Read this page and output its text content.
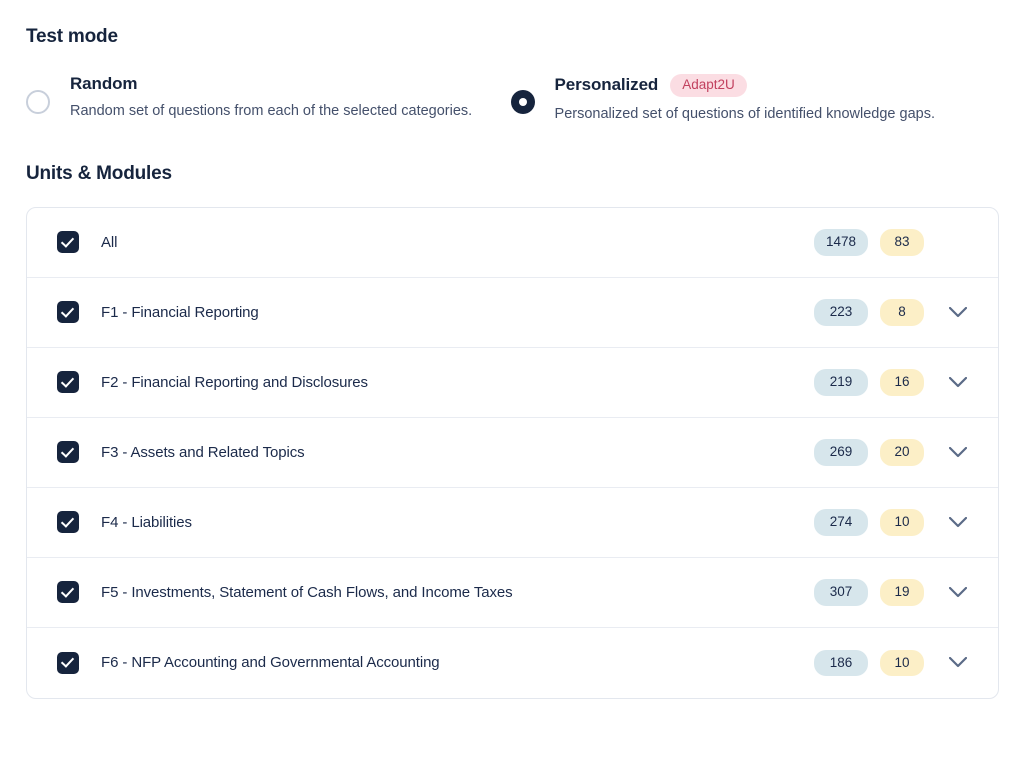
Test mode
Random
Random set of questions from each of the selected categories.
Personalized	Adapt2U
Personalized set of questions of identified knowledge gaps.
Units & Modules
All	1478	83
F1 - Financial Reporting	223	8
F2 - Financial Reporting and Disclosures	219	16
F3 - Assets and Related Topics	269	20
F4 - Liabilities	274	10
F5 - Investments, Statement of Cash Flows, and Income Taxes	307	19
F6 - NFP Accounting and Governmental Accounting	186	10
